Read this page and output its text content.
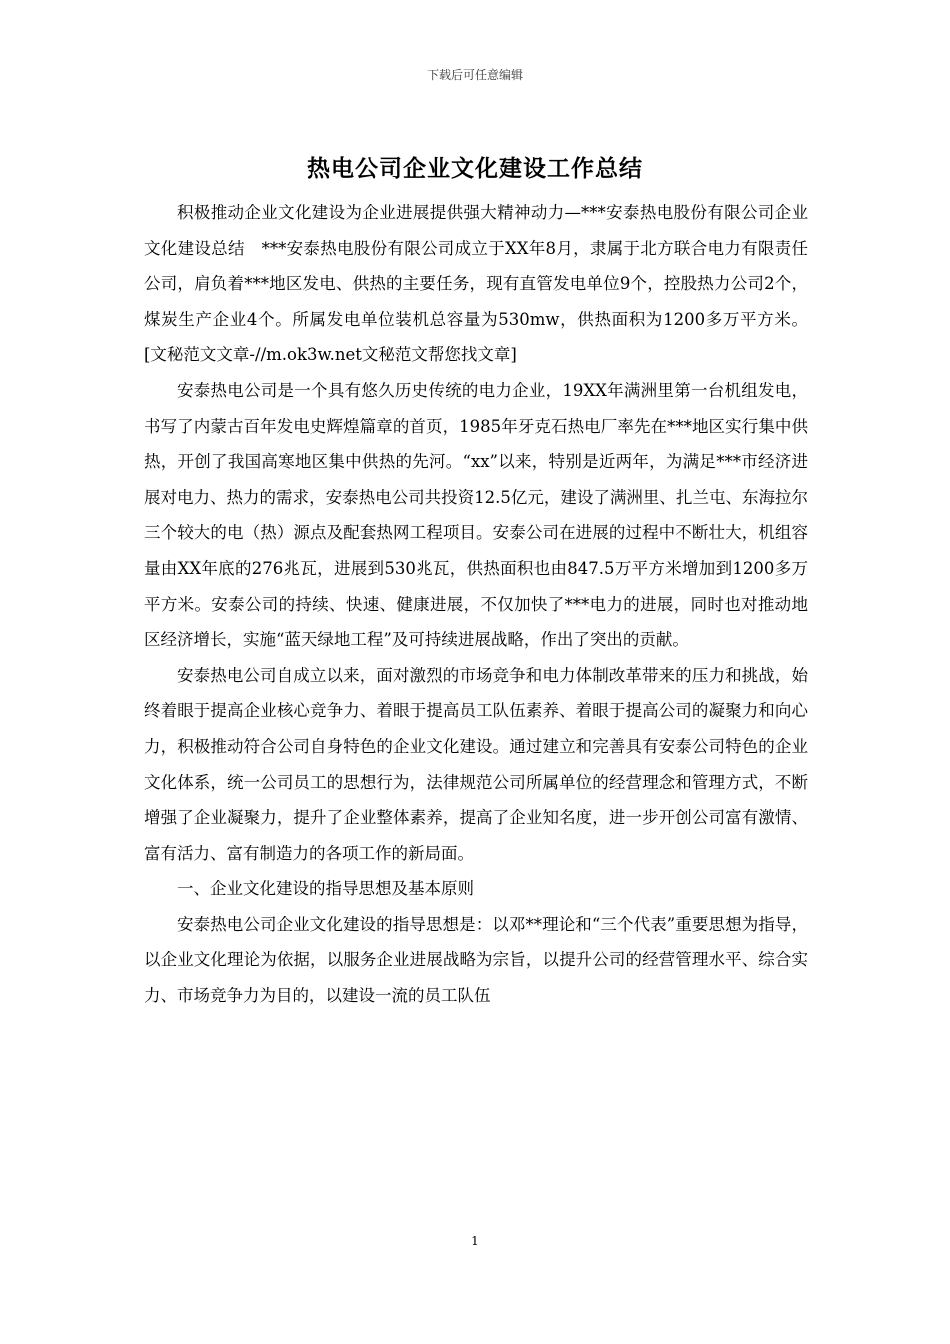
下载后可任意编辑
热电公司企业文化建设工作总结

积极推动企业文化建设为企业进展提供强大精神动力—***安泰热电股份有限公司企业文化建设总结　***安泰热电股份有限公司成立于XX年8月，隶属于北方联合电力有限责任公司，肩负着***地区发电、供热的主要任务，现有直管发电单位9个，控股热力公司2个，煤炭生产企业4个。所属发电单位装机总容量为530mw，供热面积为1200多万平方米。[文秘范文文章-//m.ok3w.net文秘范文帮您找文章]

安泰热电公司是一个具有悠久历史传统的电力企业，19XX年满洲里第一台机组发电，书写了内蒙古百年发电史辉煌篇章的首页，1985年牙克石热电厂率先在***地区实行集中供热，开创了我国高寒地区集中供热的先河。“xx”以来，特别是近两年，为满足***市经济进展对电力、热力的需求，安泰热电公司共投资12.5亿元，建设了满洲里、扎兰屯、东海拉尔三个较大的电（热）源点及配套热网工程项目。安泰公司在进展的过程中不断壮大，机组容量由XX年底的276兆瓦，进展到530兆瓦，供热面积也由847.5万平方米增加到1200多万平方米。安泰公司的持续、快速、健康进展，不仅加快了***电力的进展，同时也对推动地区经济增长，实施“蓝天绿地工程”及可持续进展战略，作出了突出的贡献。

安泰热电公司自成立以来，面对激烈的市场竞争和电力体制改革带来的压力和挑战，始终着眼于提高企业核心竞争力、着眼于提高员工队伍素养、着眼于提高公司的凝聚力和向心力，积极推动符合公司自身特色的企业文化建设。通过建立和完善具有安泰公司特色的企业文化体系，统一公司员工的思想行为，法律规范公司所属单位的经营理念和管理方式，不断增强了企业凝聚力，提升了企业整体素养，提高了企业知名度，进一步开创公司富有激情、富有活力、富有制造力的各项工作的新局面。

一、企业文化建设的指导思想及基本原则

安泰热电公司企业文化建设的指导思想是：以邓**理论和“三个代表”重要思想为指导，以企业文化理论为依据，以服务企业进展战略为宗旨，以提升公司的经营管理水平、综合实力、市场竞争力为目的，以建设一流的员工队伍

1
